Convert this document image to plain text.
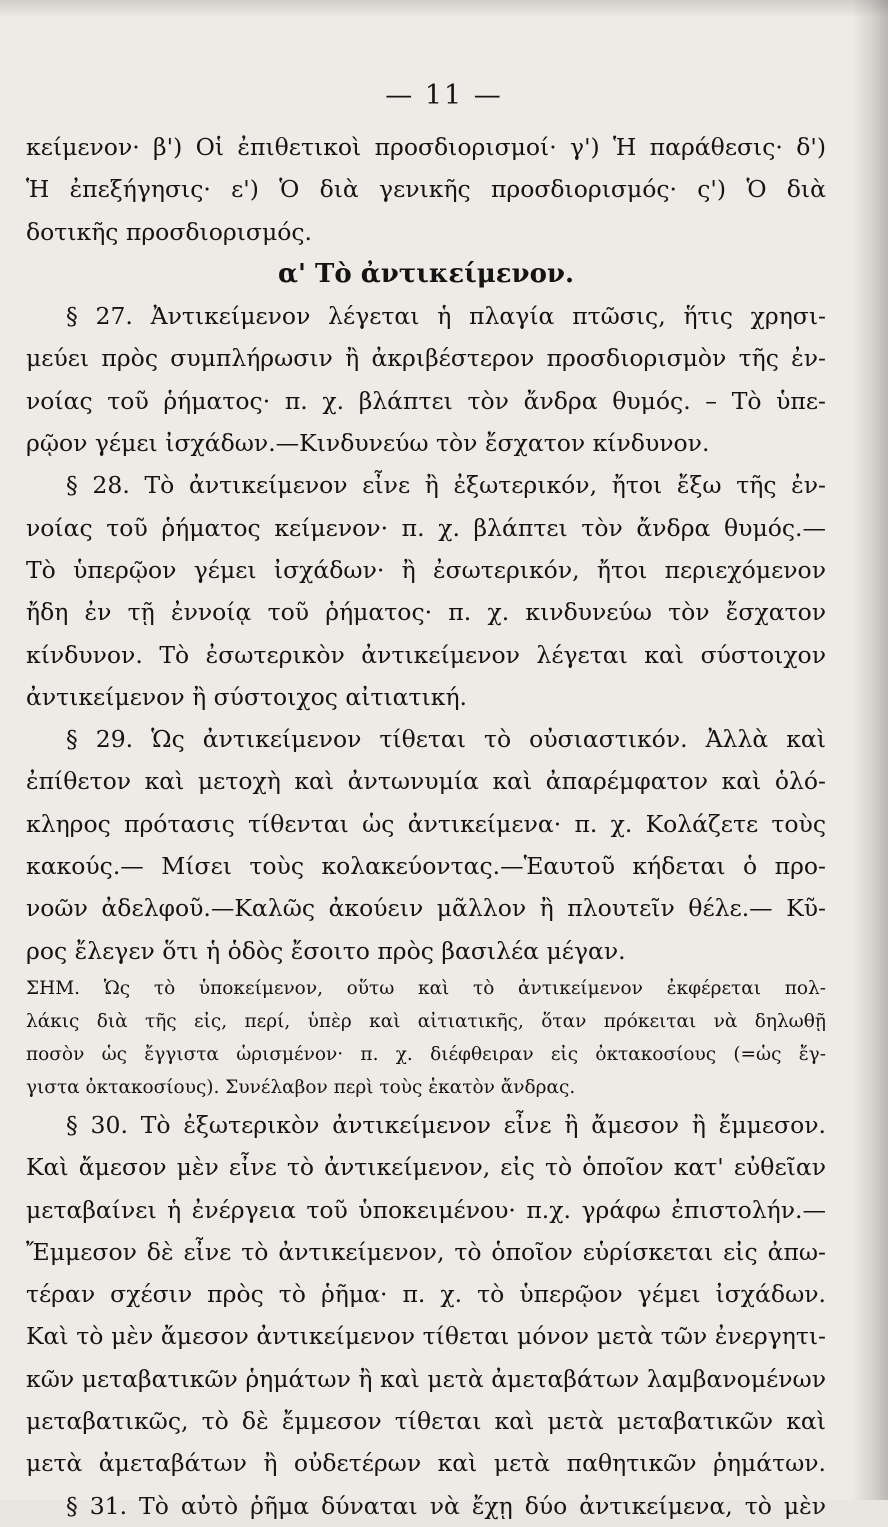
— 11 —
κείμενον· β') Οἱ ἐπιθετικοὶ προσδιορισμοί· γ') Ἡ παράθεσις· δ')
Ἡ ἐπεξήγησις· ε') Ὁ διὰ γενικῆς προσδιορισμός· ς') Ὁ διὰ
δοτικῆς προσδιορισμός.
α' Τὸ ἀντικείμενον.
§ 27. Ἀντικείμενον λέγεται ἡ πλαγία πτῶσις, ἥτις χρησι-
μεύει πρὸς συμπλήρωσιν ἢ ἀκριβέστερον προσδιορισμὸν τῆς ἐν-
νοίας τοῦ ῥήματος· π. χ. βλάπτει τὸν ἄνδρα θυμός. – Τὸ ὑπε-
ρῷον γέμει ἰσχάδων.—Κινδυνεύω τὸν ἔσχατον κίνδυνον.
§ 28. Τὸ ἀντικείμενον εἶνε ἢ ἐξωτερικόν, ἤτοι ἔξω τῆς ἐν-
νοίας τοῦ ῥήματος κείμενον· π. χ. βλάπτει τὸν ἄνδρα θυμός.—
Τὸ ὑπερῷον γέμει ἰσχάδων· ἢ ἐσωτερικόν, ἤτοι περιεχόμενον
ἤδη ἐν τῇ ἐννοίᾳ τοῦ ῥήματος· π. χ. κινδυνεύω τὸν ἔσχατον
κίνδυνον. Τὸ ἐσωτερικὸν ἀντικείμενον λέγεται καὶ σύστοιχον
ἀντικείμενον ἢ σύστοιχος αἰτιατική.
§ 29. Ὡς ἀντικείμενον τίθεται τὸ οὐσιαστικόν. Ἀλλὰ καὶ
ἐπίθετον καὶ μετοχὴ καὶ ἀντωνυμία καὶ ἀπαρέμφατον καὶ ὁλό-
κληρος πρότασις τίθενται ὡς ἀντικείμενα· π. χ. Κολάζετε τοὺς
κακούς.— Μίσει τοὺς κολακεύοντας.—Ἑαυτοῦ κήδεται ὁ προ-
νοῶν ἀδελφοῦ.—Καλῶς ἀκούειν μᾶλλον ἢ πλουτεῖν θέλε.— Κῦ-
ρος ἔλεγεν ὅτι ἡ ὁδὸς ἔσοιτο πρὸς βασιλέα μέγαν.
ΣΗΜ. Ὡς τὸ ὑποκείμενον, οὕτω καὶ τὸ ἀντικείμενον ἐκφέρεται πολ-
λάκις διὰ τῆς εἰς, περί, ὑπὲρ καὶ αἰτιατικῆς, ὅταν πρόκειται νὰ δηλωθῇ
ποσὸν ὡς ἔγγιστα ὡρισμένον· π. χ. διέφθειραν εἰς ὀκτακοσίους (=ὡς ἔγ-
γιστα ὀκτακοσίους). Συνέλαβον περὶ τοὺς ἑκατὸν ἄνδρας.
§ 30. Τὸ ἐξωτερικὸν ἀντικείμενον εἶνε ἢ ἄμεσον ἢ ἔμμεσον.
Καὶ ἄμεσον μὲν εἶνε τὸ ἀντικείμενον, εἰς τὸ ὁποῖον κατ' εὐθεῖαν
μεταβαίνει ἡ ἐνέργεια τοῦ ὑποκειμένου· π.χ. γράφω ἐπιστολήν.—
Ἔμμεσον δὲ εἶνε τὸ ἀντικείμενον, τὸ ὁποῖον εὑρίσκεται εἰς ἀπω-
τέραν σχέσιν πρὸς τὸ ῥῆμα· π. χ. τὸ ὑπερῷον γέμει ἰσχάδων.
Καὶ τὸ μὲν ἄμεσον ἀντικείμενον τίθεται μόνον μετὰ τῶν ἐνεργητι-
κῶν μεταβατικῶν ῥημάτων ἢ καὶ μετὰ ἀμεταβάτων λαμβανομένων
μεταβατικῶς, τὸ δὲ ἔμμεσον τίθεται καὶ μετὰ μεταβατικῶν καὶ
μετὰ ἀμεταβάτων ἢ οὐδετέρων καὶ μετὰ παθητικῶν ῥημάτων.
§ 31. Τὸ αὐτὸ ῥῆμα δύναται νὰ ἔχῃ δύο ἀντικείμενα, τὸ μὲν
